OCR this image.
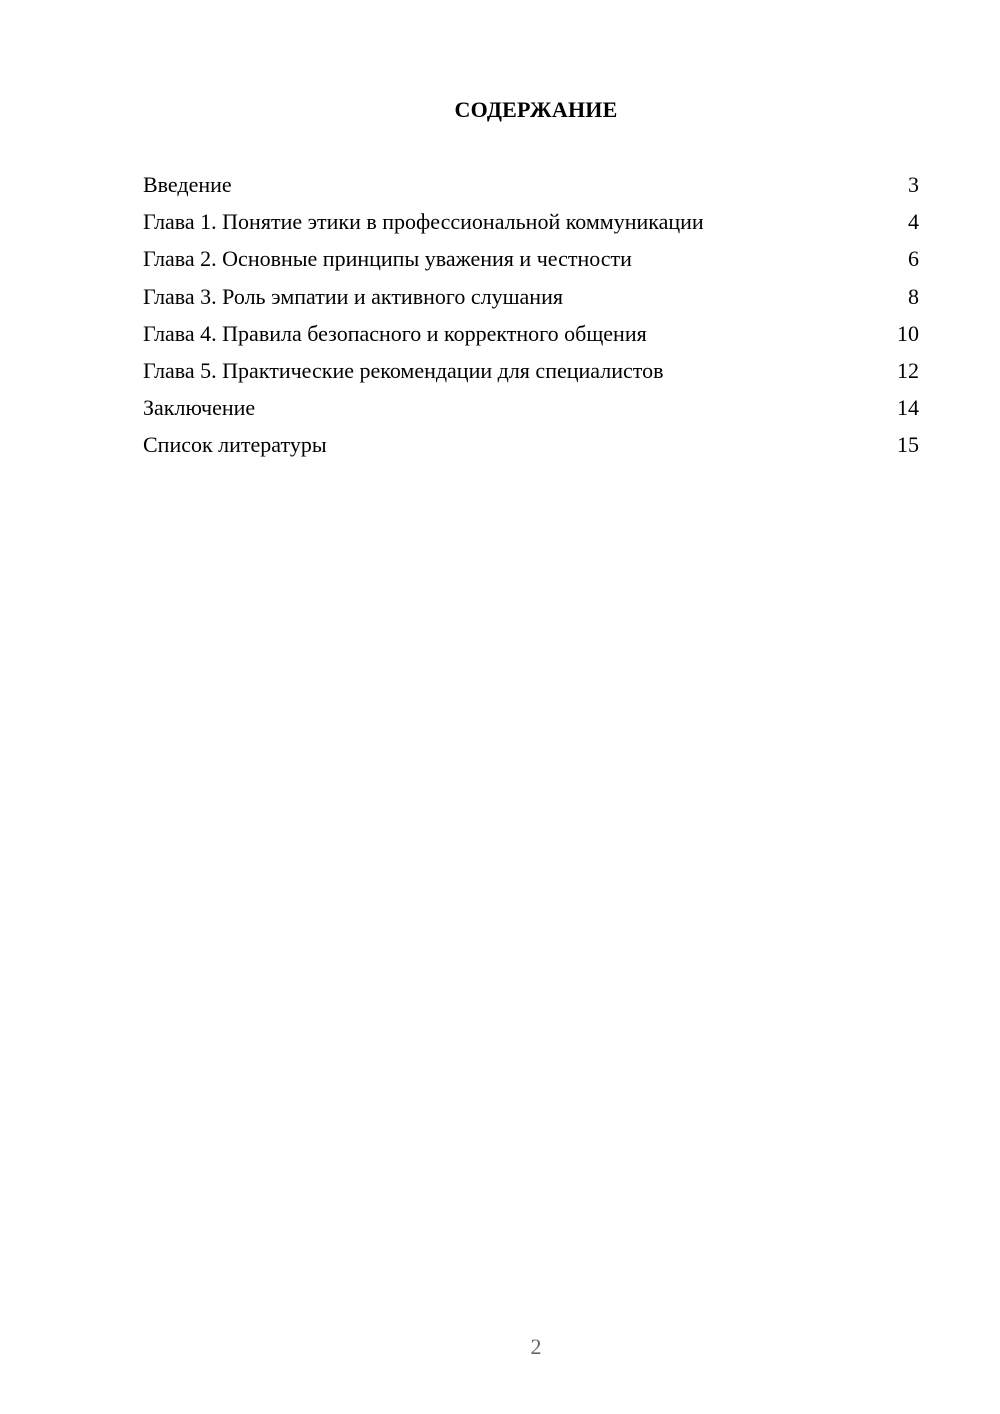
СОДЕРЖАНИЕ
Введение	3
Глава 1. Понятие этики в профессиональной коммуникации	4
Глава 2. Основные принципы уважения и честности	6
Глава 3. Роль эмпатии и активного слушания	8
Глава 4. Правила безопасного и корректного общения	10
Глава 5. Практические рекомендации для специалистов	12
Заключение	14
Список литературы	15
2
